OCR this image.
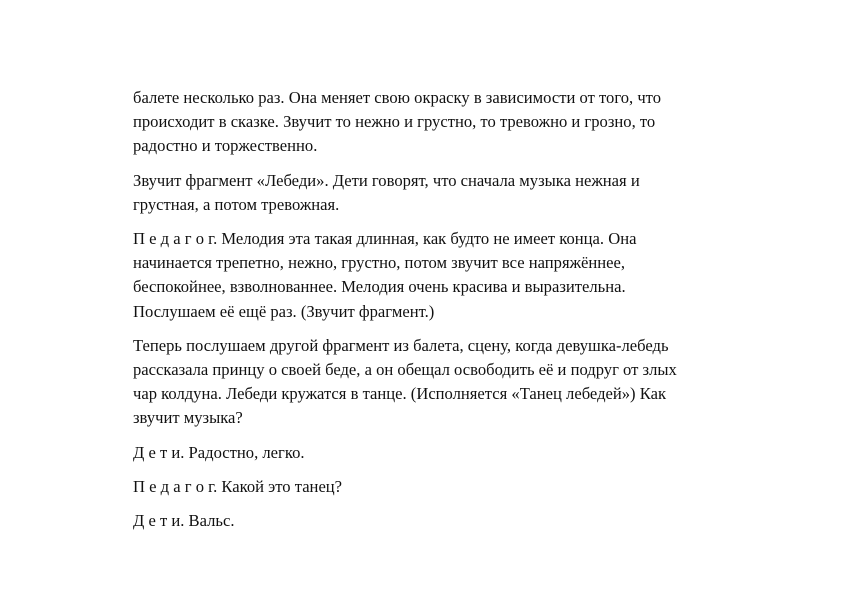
балете несколько раз. Она меняет свою окраску в зависимости от того, что
происходит в сказке. Звучит то нежно и грустно, то тревожно и грозно, то
радостно и торжественно.

Звучит фрагмент «Лебеди». Дети говорят, что сначала музыка нежная и
грустная, а потом тревожная.

П е д а г о г. Мелодия эта такая длинная, как будто не имеет конца. Она
начинается трепетно, нежно, грустно, потом звучит все напряжённее,
беспокойнее, взволнованнее. Мелодия очень красива и выразительна.
Послушаем её ещё раз. (Звучит фрагмент.)

Теперь послушаем другой фрагмент из балета, сцену, когда девушка-лебедь
рассказала принцу о своей беде, а он обещал освободить её и подруг от злых
чар колдуна. Лебеди кружатся в танце. (Исполняется «Танец лебедей») Как
звучит музыка?

Д е т и. Радостно, легко.

П е д а г о г. Какой это танец?

Д е т и. Вальс.
